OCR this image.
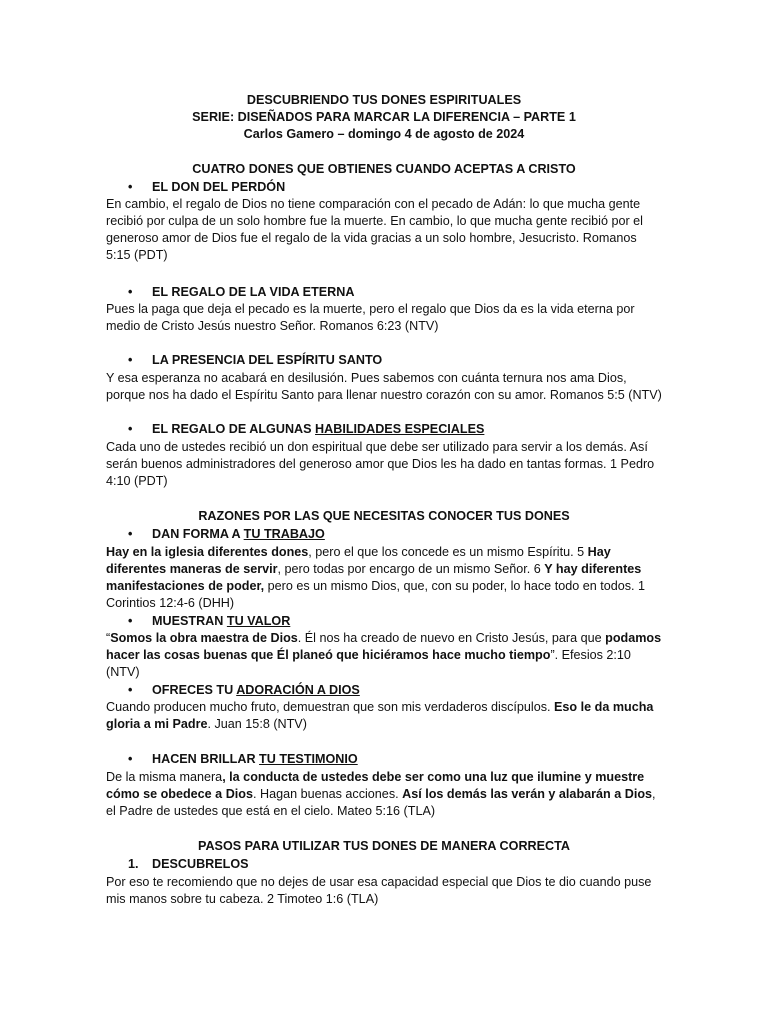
DESCUBRIENDO TUS DONES ESPIRITUALES
SERIE: DISEÑADOS PARA MARCAR LA DIFERENCIA – PARTE 1
Carlos Gamero – domingo 4 de agosto de 2024
CUATRO DONES QUE OBTIENES CUANDO ACEPTAS A CRISTO
• EL DON DEL PERDÓN

En cambio, el regalo de Dios no tiene comparación con el pecado de Adán: lo que mucha gente recibió por culpa de un solo hombre fue la muerte. En cambio, lo que mucha gente recibió por el generoso amor de Dios fue el regalo de la vida gracias a un solo hombre, Jesucristo. Romanos 5:15 (PDT)

• EL REGALO DE LA VIDA ETERNA

Pues la paga que deja el pecado es la muerte, pero el regalo que Dios da es la vida eterna por medio de Cristo Jesús nuestro Señor. Romanos 6:23 (NTV)

• LA PRESENCIA DEL ESPÍRITU SANTO

Y esa esperanza no acabará en desilusión. Pues sabemos con cuánta ternura nos ama Dios, porque nos ha dado el Espíritu Santo para llenar nuestro corazón con su amor. Romanos 5:5 (NTV)

• EL REGALO DE ALGUNAS HABILIDADES ESPECIALES

Cada uno de ustedes recibió un don espiritual que debe ser utilizado para servir a los demás. Así serán buenos administradores del generoso amor que Dios les ha dado en tantas formas. 1 Pedro 4:10 (PDT)

RAZONES POR LAS QUE NECESITAS CONOCER TUS DONES
• DAN FORMA A TU TRABAJO

Hay en la iglesia diferentes dones, pero el que los concede es un mismo Espíritu. 5 Hay diferentes maneras de servir, pero todas por encargo de un mismo Señor. 6 Y hay diferentes manifestaciones de poder, pero es un mismo Dios, que, con su poder, lo hace todo en todos. 1 Corintios 12:4-6 (DHH)

• MUESTRAN TU VALOR

“Somos la obra maestra de Dios. Él nos ha creado de nuevo en Cristo Jesús, para que podamos hacer las cosas buenas que Él planeó que hiciéramos hace mucho tiempo”. Efesios 2:10 (NTV)

• OFRECES TU ADORACIÓN A DIOS

Cuando producen mucho fruto, demuestran que son mis verdaderos discípulos. Eso le da mucha gloria a mi Padre. Juan 15:8 (NTV)

• HACEN BRILLAR TU TESTIMONIO

De la misma manera, la conducta de ustedes debe ser como una luz que ilumine y muestre cómo se obedece a Dios. Hagan buenas acciones. Así los demás las verán y alabarán a Dios, el Padre de ustedes que está en el cielo. Mateo 5:16 (TLA)

PASOS PARA UTILIZAR TUS DONES DE MANERA CORRECTA
1. DESCUBRELOS

Por eso te recomiendo que no dejes de usar esa capacidad especial que Dios te dio cuando puse mis manos sobre tu cabeza. 2 Timoteo 1:6 (TLA)
